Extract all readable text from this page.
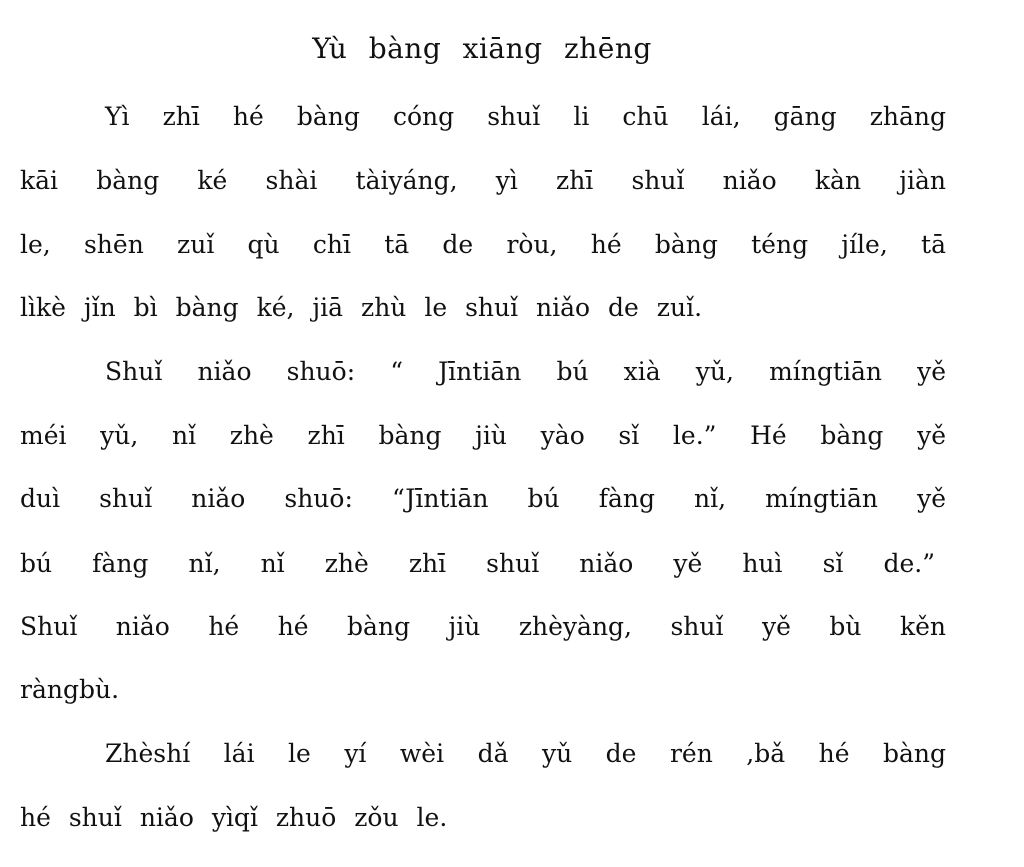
Yù bàng xiāng zhēng
Yì zhī hé bàng cóng shuǐ li chū lái, gāng zhāng
kāi bàng ké shài tàiyáng, yì zhī shuǐ niǎo kàn jiàn
le, shēn zuǐ qù chī tā de ròu, hé bàng téng jíle, tā
lìkè jǐn bì bàng ké, jiā zhù le shuǐ niǎo de zuǐ.
Shuǐ niǎo shuō: “ Jīntiān bú xià yǔ, míngtiān yě
méi yǔ, nǐ zhè zhī bàng jiù yào sǐ le.” Hé bàng yě
duì shuǐ niǎo shuō: “Jīntiān bú fàng nǐ, míngtiān yě
bú fàng nǐ, nǐ zhè zhī shuǐ niǎo yě huì sǐ de.”
Shuǐ niǎo hé hé bàng jiù zhèyàng, shuǐ yě bù kěn
ràngbù.
Zhèshí lái le yí wèi dǎ yǔ de rén ,bǎ hé bàng
hé shuǐ niǎo yìqǐ zhuō zǒu le.
